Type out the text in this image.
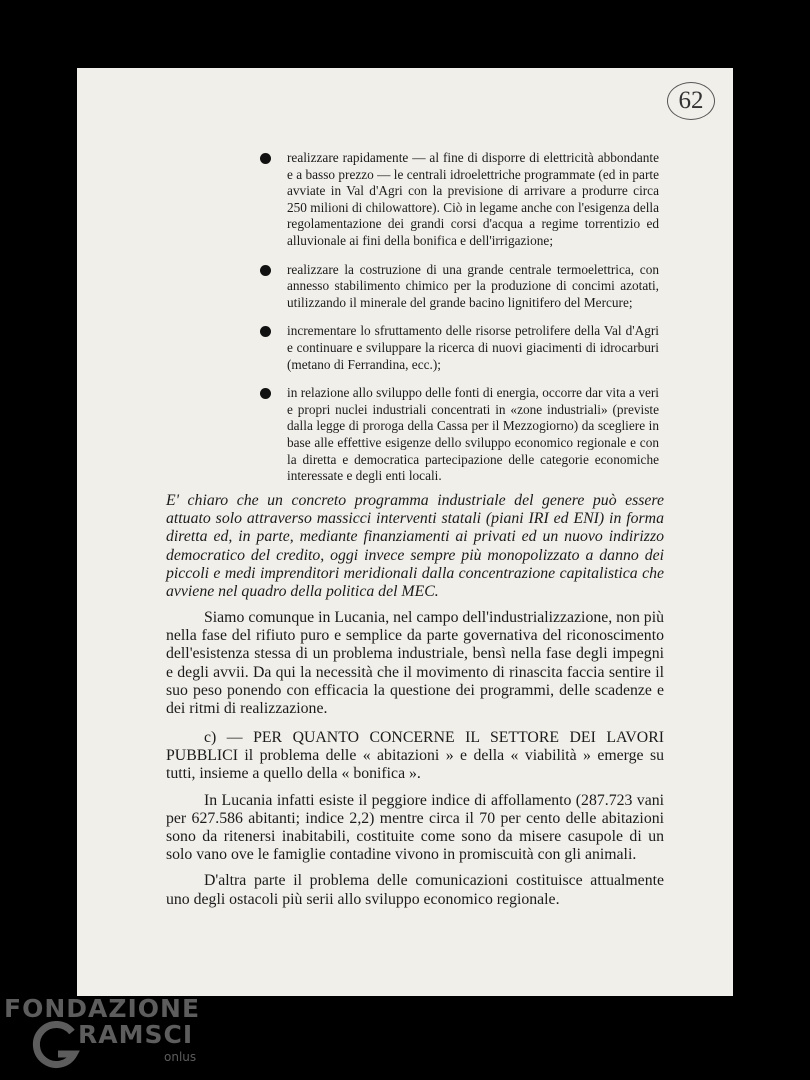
62
realizzare rapidamente — al fine di disporre di elettricità abbondante e a basso prezzo — le centrali idroelettriche programmate (ed in parte avviate in Val d'Agri con la previsione di arrivare a produrre circa 250 milioni di chilowattore). Ciò in legame anche con l'esigenza della regolamentazione dei grandi corsi d'acqua a regime torrentizio ed alluvionale ai fini della bonifica e dell'irrigazione;
realizzare la costruzione di una grande centrale termoelettrica, con annesso stabilimento chimico per la produzione di concimi azotati, utilizzando il minerale del grande bacino lignitifero del Mercure;
incrementare lo sfruttamento delle risorse petrolifere della Val d'Agri e continuare e sviluppare la ricerca di nuovi giacimenti di idrocarburi (metano di Ferrandina, ecc.);
in relazione allo sviluppo delle fonti di energia, occorre dar vita a veri e propri nuclei industriali concentrati in «zone industriali» (previste dalla legge di proroga della Cassa per il Mezzogiorno) da scegliere in base alle effettive esigenze dello sviluppo economico regionale e con la diretta e democratica partecipazione delle categorie economiche interessate e degli enti locali.
E' chiaro che un concreto programma industriale del genere può essere attuato solo attraverso massicci interventi statali (piani IRI ed ENI) in forma diretta ed, in parte, mediante finanziamenti ai privati ed un nuovo indirizzo democratico del credito, oggi invece sempre più monopolizzato a danno dei piccoli e medi imprenditori meridionali dalla concentrazione capitalistica che avviene nel quadro della politica del MEC.

Siamo comunque in Lucania, nel campo dell'industrializzazione, non più nella fase del rifiuto puro e semplice da parte governativa del riconoscimento dell'esistenza stessa di un problema industriale, bensì nella fase degli impegni e degli avvii. Da qui la necessità che il movimento di rinascita faccia sentire il suo peso ponendo con efficacia la questione dei programmi, delle scadenze e dei ritmi di realizzazione.

c) — PER QUANTO CONCERNE IL SETTORE DEI LAVORI PUBBLICI il problema delle « abitazioni » e della « viabilità » emerge su tutti, insieme a quello della « bonifica ».

In Lucania infatti esiste il peggiore indice di affollamento (287.723 vani per 627.586 abitanti; indice 2,2) mentre circa il 70 per cento delle abitazioni sono da ritenersi inabitabili, costituite come sono da misere casupole di un solo vano ove le famiglie contadine vivono in promiscuità con gli animali.

D'altra parte il problema delle comunicazioni costituisce attualmente uno degli ostacoli più serii allo sviluppo economico regionale.

FONDAZIONE
RAMSCI
onlus
